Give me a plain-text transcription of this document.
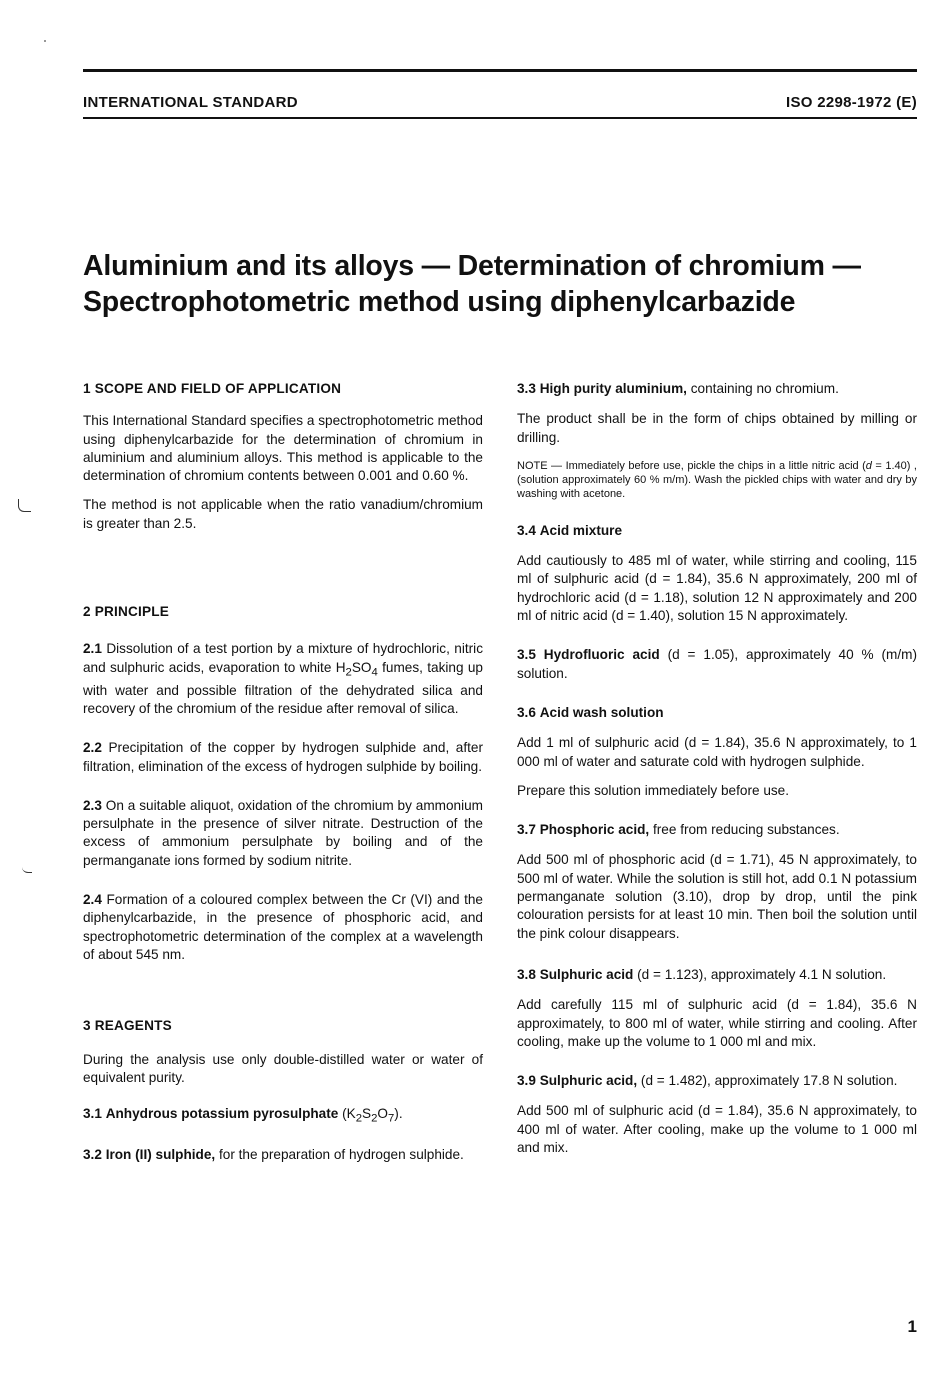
INTERNATIONAL STANDARD	ISO 2298-1972 (E)
Aluminium and its alloys — Determination of chromium —
Spectrophotometric method using diphenylcarbazide
1 SCOPE AND FIELD OF APPLICATION

This International Standard specifies a spectrophotometric method using diphenylcarbazide for the determination of chromium in aluminium and aluminium alloys. This method is applicable to the determination of chromium contents between 0.001 and 0.60 %.

The method is not applicable when the ratio vanadium/chromium is greater than 2.5.

2 PRINCIPLE

2.1 Dissolution of a test portion by a mixture of hydrochloric, nitric and sulphuric acids, evaporation to white $H_2SO_4$ fumes, taking up with water and possible filtration of the dehydrated silica and recovery of the chromium of the residue after removal of silica.

2.2 Precipitation of the copper by hydrogen sulphide and, after filtration, elimination of the excess of hydrogen sulphide by boiling.

2.3 On a suitable aliquot, oxidation of the chromium by ammonium persulphate in the presence of silver nitrate. Destruction of the excess of ammonium persulphate by boiling and of the permanganate ions formed by sodium nitrite.

2.4 Formation of a coloured complex between the Cr (VI) and the diphenylcarbazide, in the presence of phosphoric acid, and spectrophotometric determination of the complex at a wavelength of about 545 nm.

3 REAGENTS

During the analysis use only double-distilled water or water of equivalent purity.

3.1 Anhydrous potassium pyrosulphate $(K_2S_2O_7)$.

3.2 Iron (II) sulphide, for the preparation of hydrogen sulphide.

3.3 High purity aluminium, containing no chromium.

The product shall be in the form of chips obtained by milling or drilling.

NOTE — Immediately before use, pickle the chips in a little nitric acid (d = 1.40) , (solution approximately 60 % m/m). Wash the pickled chips with water and dry by washing with acetone.

3.4 Acid mixture

Add cautiously to 485 ml of water, while stirring and cooling, 115 ml of sulphuric acid (d = 1.84), 35.6 N approximately, 200 ml of hydrochloric acid (d = 1.18), solution 12 N approximately and 200 ml of nitric acid (d = 1.40), solution 15 N approximately.

3.5 Hydrofluoric acid (d = 1.05), approximately 40 % (m/m) solution.

3.6 Acid wash solution

Add 1 ml of sulphuric acid (d = 1.84), 35.6 N approximately, to 1 000 ml of water and saturate cold with hydrogen sulphide.

Prepare this solution immediately before use.

3.7 Phosphoric acid, free from reducing substances.

Add 500 ml of phosphoric acid (d = 1.71), 45 N approximately, to 500 ml of water. While the solution is still hot, add 0.1 N potassium permanganate solution (3.10), drop by drop, until the pink colouration persists for at least 10 min. Then boil the solution until the pink colour disappears.

3.8 Sulphuric acid (d = 1.123), approximately 4.1 N solution.

Add carefully 115 ml of sulphuric acid (d = 1.84), 35.6 N approximately, to 800 ml of water, while stirring and cooling. After cooling, make up the volume to 1 000 ml and mix.

3.9 Sulphuric acid, (d = 1.482), approximately 17.8 N solution.

Add 500 ml of sulphuric acid (d = 1.84), 35.6 N approximately, to 400 ml of water. After cooling, make up the volume to 1 000 ml and mix.

1
